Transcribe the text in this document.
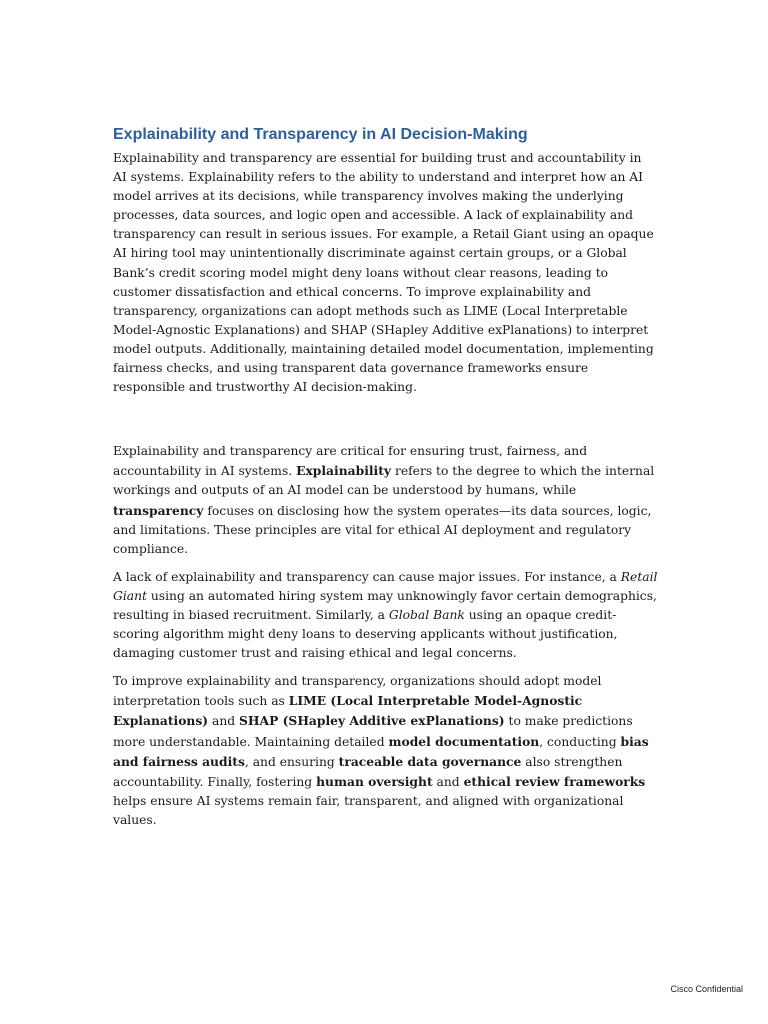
Explainability and Transparency in AI Decision-Making

Explainability and transparency are essential for building trust and accountability in AI systems. Explainability refers to the ability to understand and interpret how an AI model arrives at its decisions, while transparency involves making the underlying processes, data sources, and logic open and accessible. A lack of explainability and transparency can result in serious issues. For example, a Retail Giant using an opaque AI hiring tool may unintentionally discriminate against certain groups, or a Global Bank’s credit scoring model might deny loans without clear reasons, leading to customer dissatisfaction and ethical concerns. To improve explainability and transparency, organizations can adopt methods such as LIME (Local Interpretable Model-Agnostic Explanations) and SHAP (SHapley Additive exPlanations) to interpret model outputs. Additionally, maintaining detailed model documentation, implementing fairness checks, and using transparent data governance frameworks ensure responsible and trustworthy AI decision-making.

Explainability and transparency are critical for ensuring trust, fairness, and accountability in AI systems. Explainability refers to the degree to which the internal workings and outputs of an AI model can be understood by humans, while transparency focuses on disclosing how the system operates—its data sources, logic, and limitations. These principles are vital for ethical AI deployment and regulatory compliance.

A lack of explainability and transparency can cause major issues. For instance, a Retail Giant using an automated hiring system may unknowingly favor certain demographics, resulting in biased recruitment. Similarly, a Global Bank using an opaque credit-scoring algorithm might deny loans to deserving applicants without justification, damaging customer trust and raising ethical and legal concerns.

To improve explainability and transparency, organizations should adopt model interpretation tools such as LIME (Local Interpretable Model-Agnostic Explanations) and SHAP (SHapley Additive exPlanations) to make predictions more understandable. Maintaining detailed model documentation, conducting bias and fairness audits, and ensuring traceable data governance also strengthen accountability. Finally, fostering human oversight and ethical review frameworks helps ensure AI systems remain fair, transparent, and aligned with organizational values.

Cisco Confidential
